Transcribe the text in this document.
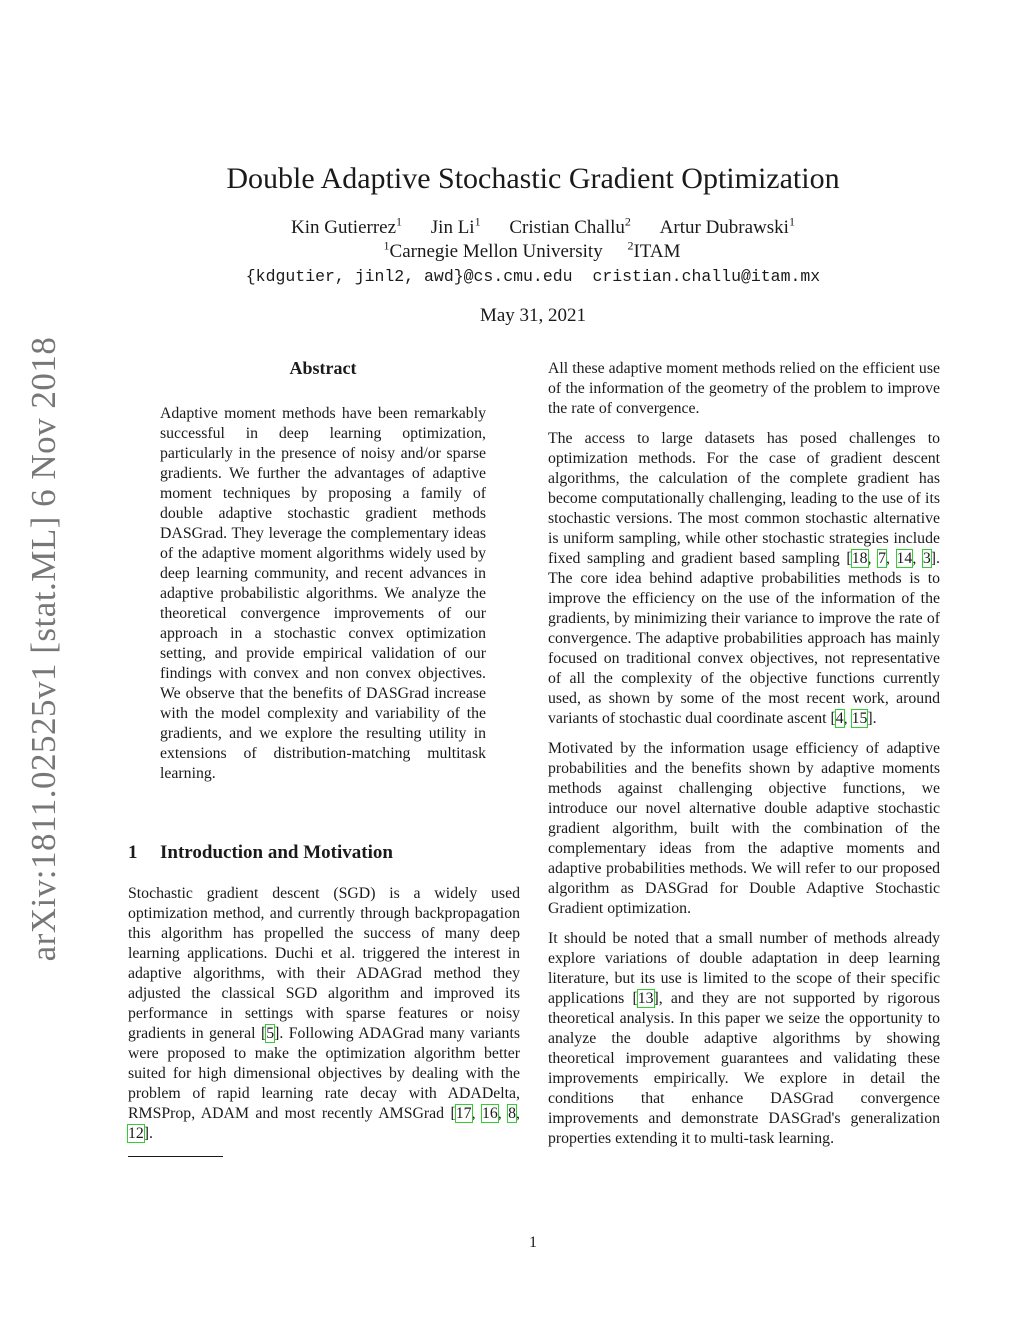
arXiv:1811.02525v1 [stat.ML] 6 Nov 2018
Double Adaptive Stochastic Gradient Optimization
Kin Gutierrez$^1$ Jin Li$^1$ Cristian Challu$^2$ Artur Dubrawski$^1$
$^1$Carnegie Mellon University $^2$ITAM
{kdgutier, jinl2, awd}@cs.cmu.edu cristian.challu@itam.mx
May 31, 2021
Abstract

Adaptive moment methods have been remarkably successful in deep learning optimization, particularly in the presence of noisy and/or sparse gradients. We further the advantages of adaptive moment techniques by proposing a family of double adaptive stochastic gradient methods DASGrad. They leverage the complementary ideas of the adaptive moment algorithms widely used by deep learning community, and recent advances in adaptive probabilistic algorithms. We analyze the theoretical convergence improvements of our approach in a stochastic convex optimization setting, and provide empirical validation of our findings with convex and non convex objectives. We observe that the benefits of DASGrad increase with the model complexity and variability of the gradients, and we explore the resulting utility in extensions of distribution-matching multitask learning.

1 Introduction and Motivation

Stochastic gradient descent (SGD) is a widely used optimization method, and currently through backpropagation this algorithm has propelled the success of many deep learning applications. Duchi et al. triggered the interest in adaptive algorithms, with their ADAGrad method they adjusted the classical SGD algorithm and improved its performance in settings with sparse features or noisy gradients in general [5]. Following ADAGrad many variants were proposed to make the optimization algorithm better suited for high dimensional objectives by dealing with the problem of rapid learning rate decay with ADADelta, RMSProp, ADAM and most recently AMSGrad [17, 16, 8, 12].

All these adaptive moment methods relied on the efficient use of the information of the geometry of the problem to improve the rate of convergence.

The access to large datasets has posed challenges to optimization methods. For the case of gradient descent algorithms, the calculation of the complete gradient has become computationally challenging, leading to the use of its stochastic versions. The most common stochastic alternative is uniform sampling, while other stochastic strategies include fixed sampling and gradient based sampling [18, 7, 14, 3]. The core idea behind adaptive probabilities methods is to improve the efficiency on the use of the information of the gradients, by minimizing their variance to improve the rate of convergence. The adaptive probabilities approach has mainly focused on traditional convex objectives, not representative of all the complexity of the objective functions currently used, as shown by some of the most recent work, around variants of stochastic dual coordinate ascent [4, 15].

Motivated by the information usage efficiency of adaptive probabilities and the benefits shown by adaptive moments methods against challenging objective functions, we introduce our novel alternative double adaptive stochastic gradient algorithm, built with the combination of the complementary ideas from the adaptive moments and adaptive probabilities methods. We will refer to our proposed algorithm as DASGrad for Double Adaptive Stochastic Gradient optimization.

It should be noted that a small number of methods already explore variations of double adaptation in deep learning literature, but its use is limited to the scope of their specific applications [13], and they are not supported by rigorous theoretical analysis. In this paper we seize the opportunity to analyze the double adaptive algorithms by showing theoretical improvement guarantees and validating these improvements empirically. We explore in detail the conditions that enhance DASGrad convergence improvements and demonstrate DASGrad's generalization properties extending it to multi-task learning.

1
